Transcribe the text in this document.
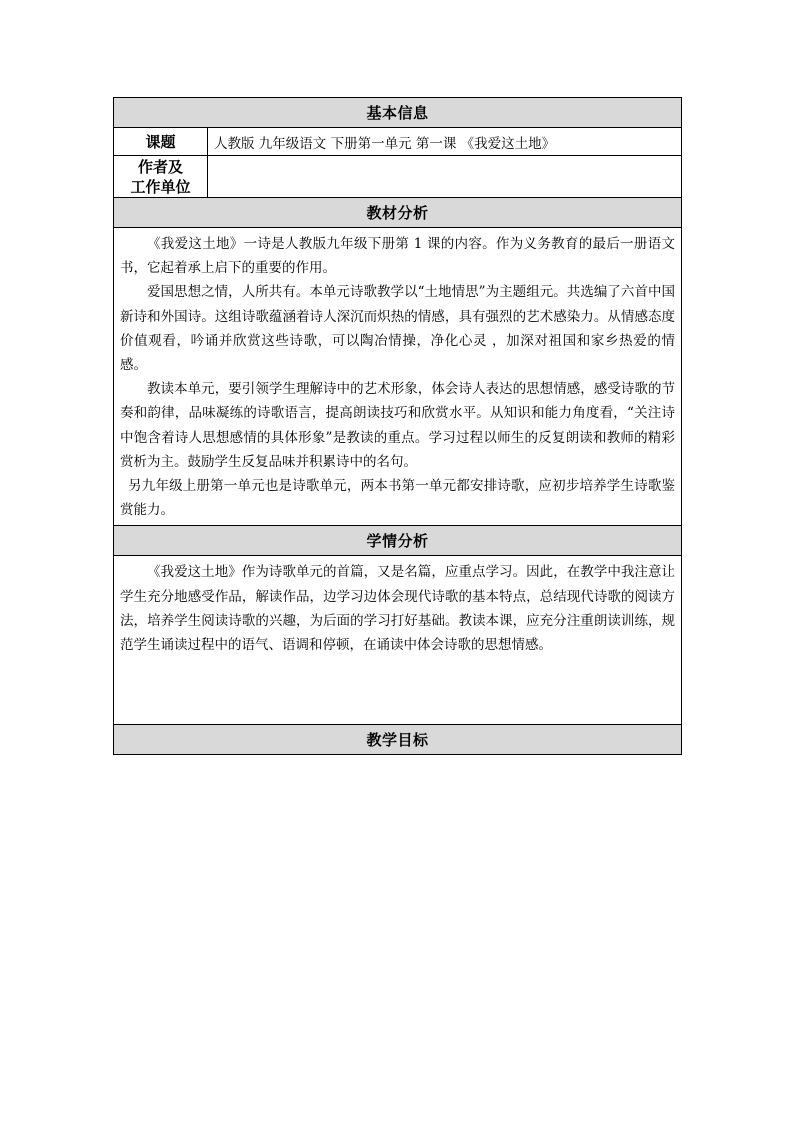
基本信息	
课题	人教版 九年级语文 下册第一单元 第一课 《我爱这土地》

作者及
工作单位	

教材分析	

《我爱这土地》一诗是人教版九年级下册第 1 课的内容。作为义务教育的最后一册语文书，它起着承上启下的重要的作用。

爱国思想之情，人所共有。本单元诗歌教学以“土地情思”为主题组元。共选编了六首中国新诗和外国诗。这组诗歌蕴涵着诗人深沉而炽热的情感，具有强烈的艺术感染力。从情感态度价值观看，吟诵并欣赏这些诗歌，可以陶冶情操，净化心灵 ，加深对祖国和家乡热爱的情感。

教读本单元，要引领学生理解诗中的艺术形象，体会诗人表达的思想情感，感受诗歌的节奏和韵律，品味凝练的诗歌语言，提高朗读技巧和欣赏水平。从知识和能力角度看，“关注诗中饱含着诗人思想感情的具体形象”是教读的重点。学习过程以师生的反复朗读和教师的精彩赏析为主。鼓励学生反复品味并积累诗中的名句。

另九年级上册第一单元也是诗歌单元，两本书第一单元都安排诗歌，应初步培养学生诗歌鉴赏能力。	

学情分析	

《我爱这土地》作为诗歌单元的首篇，又是名篇，应重点学习。因此，在教学中我注意让学生充分地感受作品，解读作品，边学习边体会现代诗歌的基本特点，总结现代诗歌的阅读方法，培养学生阅读诗歌的兴趣，为后面的学习打好基础。教读本课，应充分注重朗读训练，规范学生诵读过程中的语气、语调和停顿，在诵读中体会诗歌的思想情感。	

教学目标	
